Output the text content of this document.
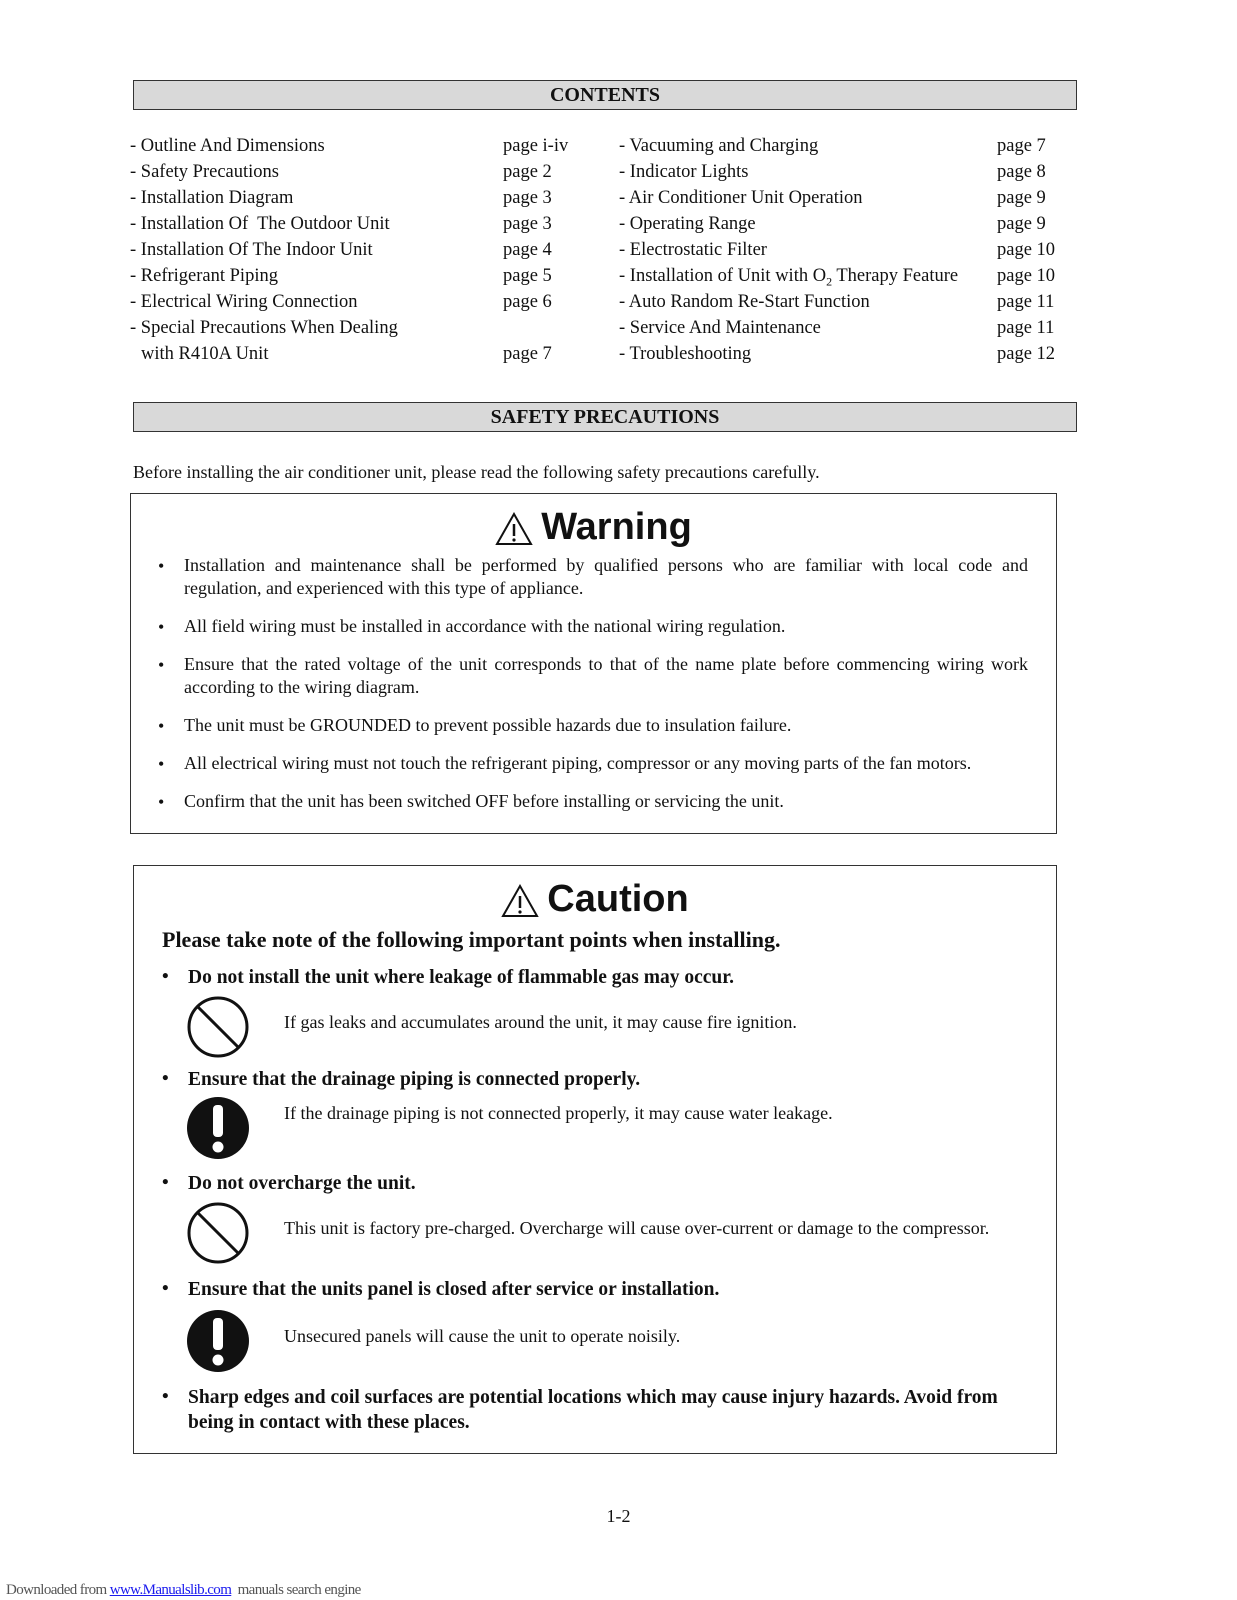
CONTENTS
- Outline And Dimensions	page i-iv
- Safety Precautions	page 2
- Installation Diagram	page 3
- Installation Of  The Outdoor Unit	page 3
- Installation Of The Indoor Unit	page 4
- Refrigerant Piping	page 5
- Electrical Wiring Connection	page 6
- Special Precautions When Dealing
with R410A Unit	page 7
- Vacuuming and Charging	page 7
- Indicator Lights	page 8
- Air Conditioner Unit Operation	page 9
- Operating Range	page 9
- Electrostatic Filter	page 10
- Installation of Unit with $O_2$ Therapy Feature page 10
- Auto Random Re-Start Function	page 11
- Service And Maintenance	page 11
- Troubleshooting	page 12
SAFETY PRECAUTIONS
Before installing the air conditioner unit, please read the following safety precautions carefully.
Warning
• Installation and maintenance shall be performed by qualified persons who are familiar with local code and regulation, and experienced with this type of appliance.
• All field wiring must be installed in accordance with the national wiring regulation.
• Ensure that the rated voltage of the unit corresponds to that of the name plate before commencing wiring work according to the wiring diagram.
• The unit must be GROUNDED to prevent possible hazards due to insulation failure.
• All electrical wiring must not touch the refrigerant piping, compressor or any moving parts of the fan motors.
• Confirm that the unit has been switched OFF before installing or servicing the unit.
Caution
Please take note of the following important points when installing.
• Do not install the unit where leakage of flammable gas may occur.
If gas leaks and accumulates around the unit, it may cause fire ignition.
• Ensure that the drainage piping is connected properly.
If the drainage piping is not connected properly, it may cause water leakage.
• Do not overcharge the unit.
This unit is factory pre-charged. Overcharge will cause over-current or damage to the compressor.
• Ensure that the units panel is closed after service or installation.
Unsecured panels will cause the unit to operate noisily.
• Sharp edges and coil surfaces are potential locations which may cause injury hazards. Avoid from being in contact with these places.
1-2
Downloaded from www.Manualslib.com  manuals search engine
